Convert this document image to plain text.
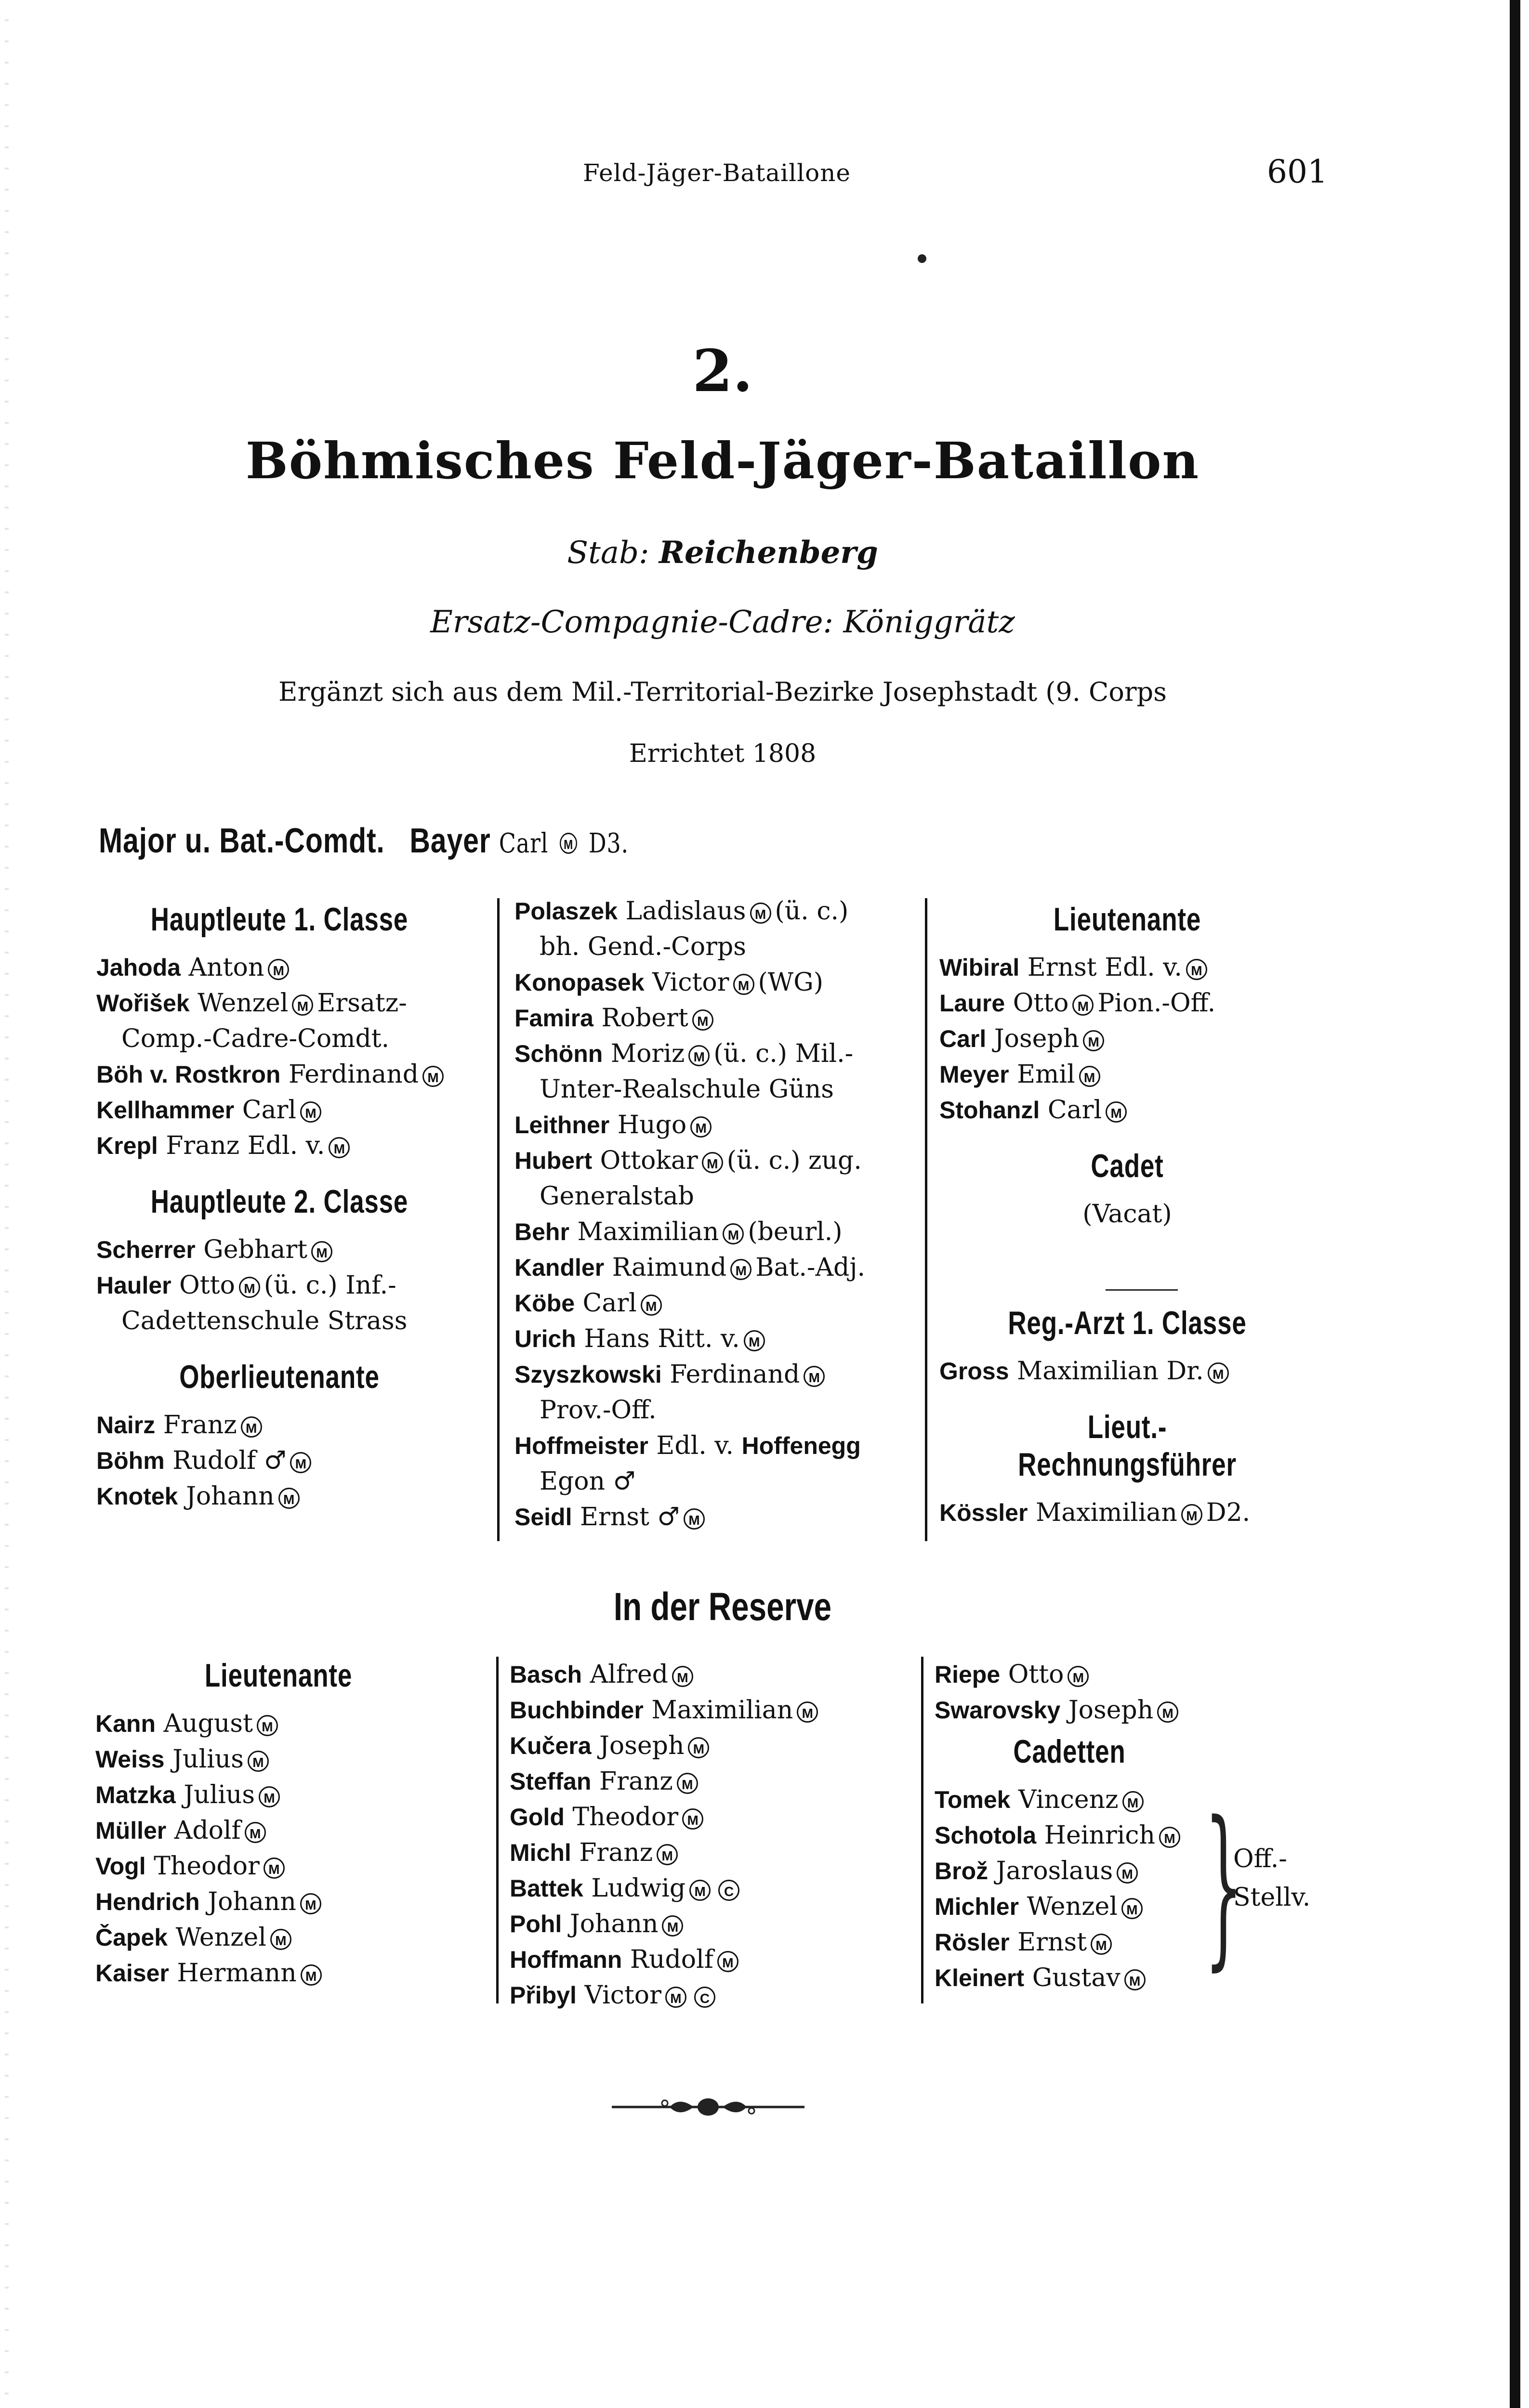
Feld-Jäger-Bataillone	601
2.
Böhmisches Feld-Jäger-Bataillon
Stab: Reichenberg
Ersatz-Compagnie-Cadre: Königgrätz
Ergänzt sich aus dem Mil.-Territorial-Bezirke Josephstadt (9. Corps
Errichtet 1808
Major u. Bat.-Comdt. Bayer Carl M D3.
Hauptleute 1. Classe
Jahoda Anton M
Wořišek Wenzel M Ersatz-
Comp.-Cadre-Comdt.
Böh v. Rostkron Ferdinand M
Kellhammer Carl M
Krepl Franz Edl. v. M
Hauptleute 2. Classe
Scherrer Gebhart M
Hauler Otto M (ü. c.) Inf.-
Cadettenschule Strass
Oberlieutenante
Nairz Franz M
Böhm Rudolf ♂ M
Knotek Johann M
Polaszek Ladislaus M (ü. c.)
bh. Gend.-Corps
Konopasek Victor M (WG)
Famira Robert M
Schönn Moriz M (ü. c.) Mil.-
Unter-Realschule Güns
Leithner Hugo M
Hubert Ottokar M (ü. c.) zug.
Generalstab
Behr Maximilian M (beurl.)
Kandler Raimund M Bat.-Adj.
Köbe Carl M
Urich Hans Ritt. v. M
Szyszkowski Ferdinand M
Prov.-Off.
Hoffmeister Edl. v. Hoffenegg
Egon ♂
Seidl Ernst ♂ M
Lieutenante
Wibiral Ernst Edl. v. M
Laure Otto M Pion.-Off.
Carl Joseph M
Meyer Emil M
Stohanzl Carl M
Cadet
(Vacat)
Reg.-Arzt 1. Classe
Gross Maximilian Dr. M
Lieut.-Rechnungsführer
Kössler Maximilian M D2.
In der Reserve
Lieutenante
Kann August M
Weiss Julius M
Matzka Julius M
Müller Adolf M
Vogl Theodor M
Hendrich Johann M
Čapek Wenzel M
Kaiser Hermann M
Basch Alfred M
Buchbinder Maximilian M
Kučera Joseph M
Steffan Franz M
Gold Theodor M
Michl Franz M
Battek Ludwig M C
Pohl Johann M
Hoffmann Rudolf M
Přibyl Victor M C
Riepe Otto M
Swarovsky Joseph M
Cadetten
Tomek Vincenz M
Schotola Heinrich M
Brož Jaroslaus M
Michler Wenzel M
Rösler Ernst M
Kleinert Gustav M }
Off.-
Stellv.
